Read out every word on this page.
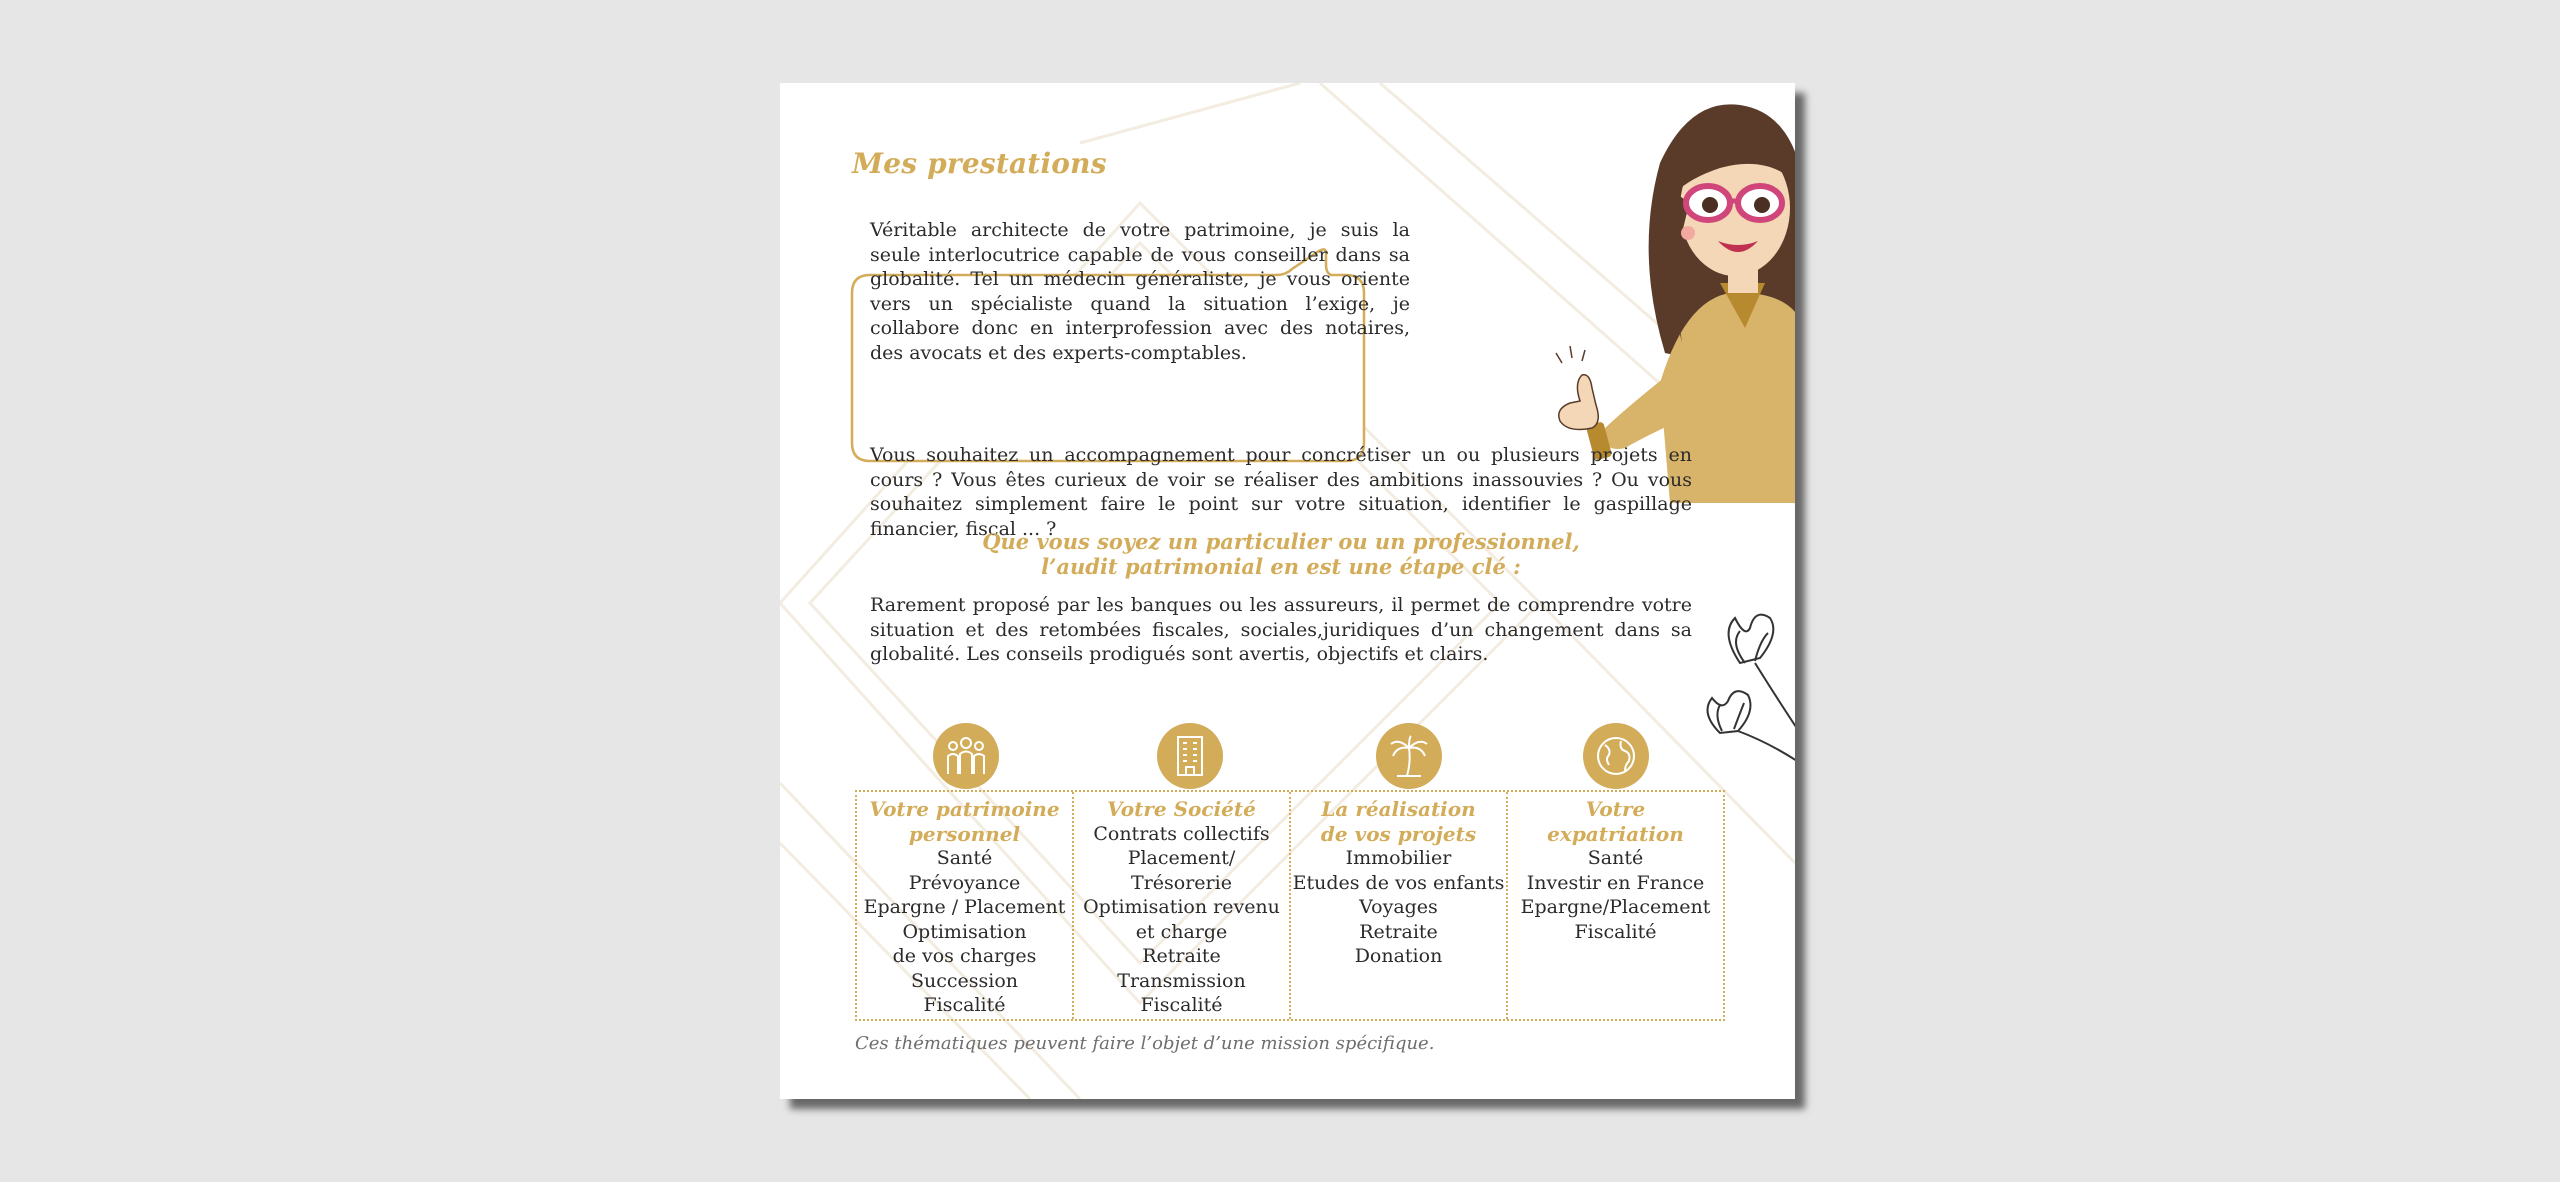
Mes prestations

Véritable architecte de votre patrimoine, je suis la seule interlocutrice capable de vous conseiller dans sa globalité. Tel un médecin généraliste, je vous oriente vers un spécialiste quand la situation l’exige, je collabore donc en interprofession avec des notaires, des avocats et des experts-comptables.

Vous souhaitez un accompagnement pour concrétiser un ou plusieurs projets en cours ? Vous êtes curieux de voir se réaliser des ambitions inassouvies ? Ou vous souhaitez simplement faire le point sur votre situation, identifier le gaspillage financier, fiscal ... ?

Que vous soyez un particulier ou un professionnel,
l’audit patrimonial en est une étape clé :

Rarement proposé par les banques ou les assureurs, il permet de comprendre votre situation et des retombées fiscales, sociales,juridiques d’un changement dans sa globalité. Les conseils prodigués sont avertis, objectifs et clairs.

Votre patrimoine
personnel
Santé
Prévoyance
Epargne / Placement
Optimisation
de vos charges
Succession
Fiscalité
Votre Société
Contrats collectifs
Placement/
Trésorerie
Optimisation revenu
et charge
Retraite
Transmission
Fiscalité
La réalisation
de vos projets
Immobilier
Etudes de vos enfants
Voyages
Retraite
Donation
Votre
expatriation
Santé
Investir en France
Epargne/Placement
Fiscalité

Ces thématiques peuvent faire l’objet d’une mission spécifique.
